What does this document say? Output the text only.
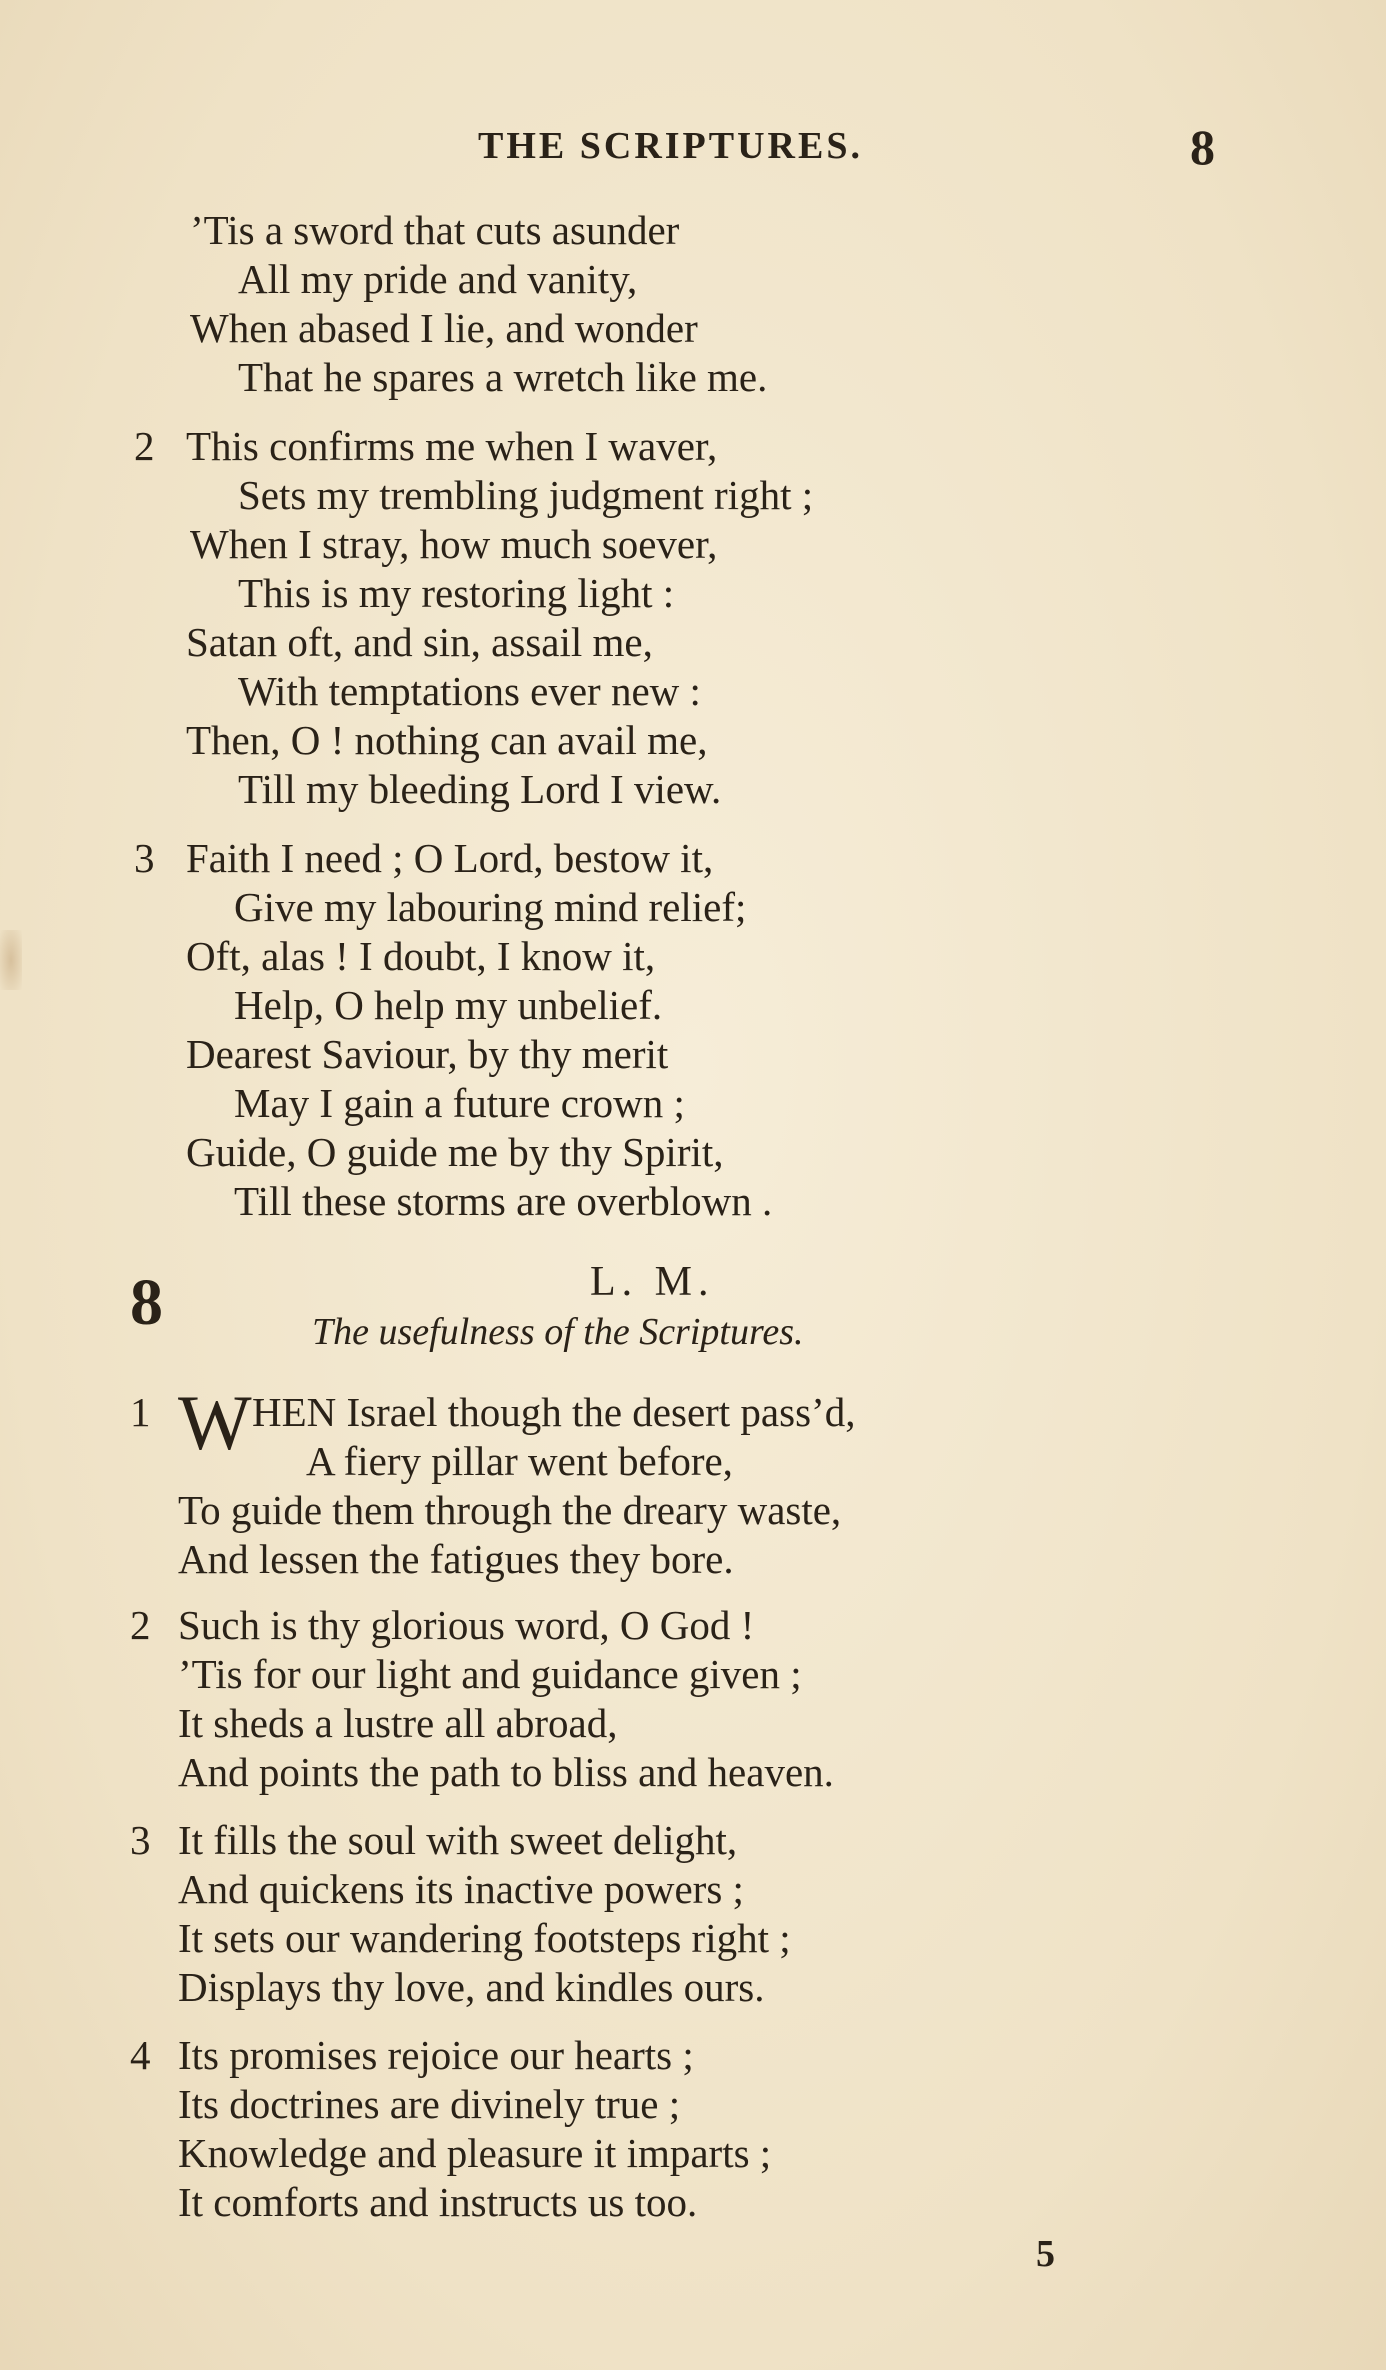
THE SCRIPTURES.	8
’Tis a sword that cuts asunder
All my pride and vanity,
When abased I lie, and wonder
That he spares a wretch like me.
2 This confirms me when I waver,
Sets my trembling judgment right ;
When I stray, how much soever,
This is my restoring light :
Satan oft, and sin, assail me,
With temptations ever new :
Then, O ! nothing can avail me,
Till my bleeding Lord I view.
3 Faith I need ; O Lord, bestow it,
Give my labouring mind relief;
Oft, alas ! I doubt, I know it,
Help, O help my unbelief.
Dearest Saviour, by thy merit
May I gain a future crown ;
Guide, O guide me by thy Spirit,
Till these storms are overblown .
8	L. M.
The usefulness of the Scriptures.
1 W HEN Israel though the desert pass’d,
A fiery pillar went before,
To guide them through the dreary waste,
And lessen the fatigues they bore.
2 Such is thy glorious word, O God !
’Tis for our light and guidance given ;
It sheds a lustre all abroad,
And points the path to bliss and heaven.
3 It fills the soul with sweet delight,
And quickens its inactive powers ;
It sets our wandering footsteps right ;
Displays thy love, and kindles ours.
4 Its promises rejoice our hearts ;
Its doctrines are divinely true ;
Knowledge and pleasure it imparts ;
It comforts and instructs us too.
5
